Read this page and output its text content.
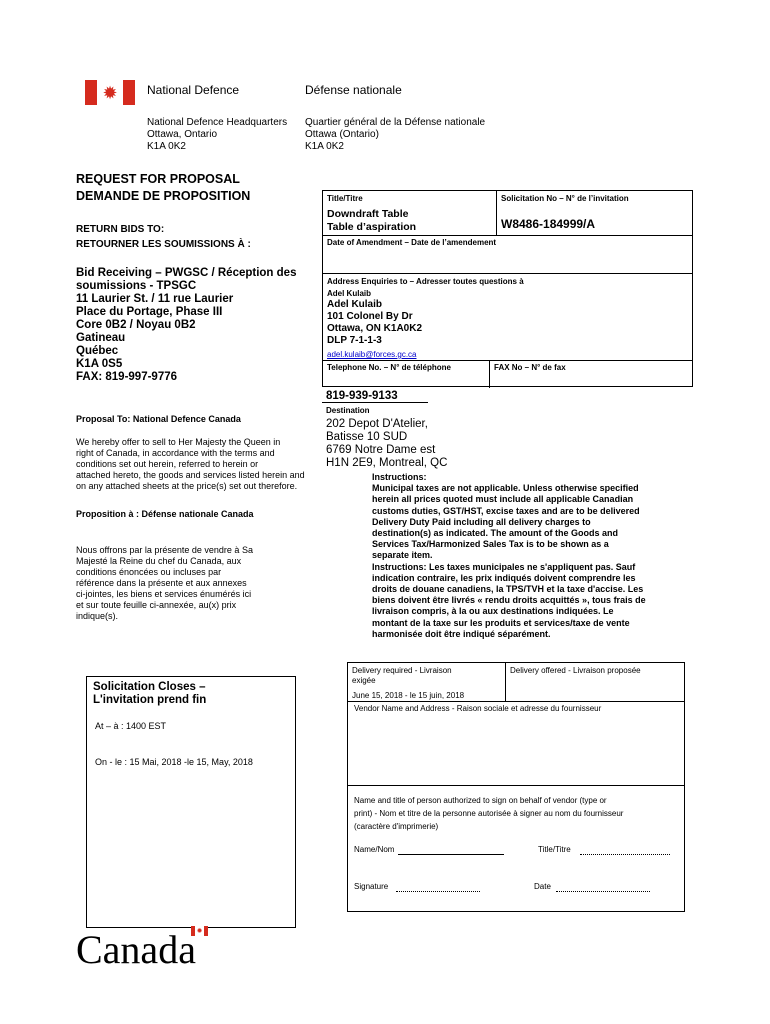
✹ National Defence	Défense nationale
National Defence Headquarters
Ottawa, Ontario
K1A 0K2
Quartier général de la Défense nationale
Ottawa (Ontario)
K1A 0K2
REQUEST FOR PROPOSAL
DEMANDE DE PROPOSITION
RETURN BIDS TO:
RETOURNER LES SOUMISSIONS À :
Bid Receiving – PWGSC / Réception des
soumissions - TPSGC
11 Laurier St. / 11 rue Laurier
Place du Portage, Phase III
Core 0B2 / Noyau 0B2
Gatineau
Québec
K1A 0S5
FAX: 819-997-9776
Proposal To: National Defence Canada
We hereby offer to sell to Her Majesty the Queen in
right of Canada, in accordance with the terms and
conditions set out herein, referred to herein or
attached hereto, the goods and services listed herein and
on any attached sheets at the price(s) set out therefore.
Proposition à : Défense nationale Canada
Nous offrons par la présente de vendre à Sa
Majesté la Reine du chef du Canada, aux
conditions énoncées ou incluses par
référence dans la présente et aux annexes
ci-jointes, les biens et services énumérés ici
et sur toute feuille ci-annexée, au(x) prix
indique(s).
Solicitation Closes –
L'invitation prend fin
At – à : 1400 EST
On - le : 15 Mai, 2018 -le 15, May, 2018
Title/Titre
Downdraft Table
Table d’aspiration
Solicitation No – N° de l’invitation
W8486-184999/A
Date of Amendment – Date de l’amendement
Address Enquiries to – Adresser toutes questions à
Adel Kulaib
Adel Kulaib
101 Colonel By Dr
Ottawa, ON K1A0K2
DLP 7-1-1-3
adel.kulaib@forces.gc.ca
Telephone No. – N° de téléphone	FAX No – N° de fax
819-939-9133
Destination
202 Depot D'Atelier,
Batisse 10 SUD
6769 Notre Dame est
H1N 2E9, Montreal, QC
Instructions:
Municipal taxes are not applicable. Unless otherwise specified
herein all prices quoted must include all applicable Canadian
customs duties, GST/HST, excise taxes and are to be delivered
Delivery Duty Paid including all delivery charges to
destination(s) as indicated. The amount of the Goods and
Services Tax/Harmonized Sales Tax is to be shown as a
separate item.
Instructions: Les taxes municipales ne s'appliquent pas. Sauf
indication contraire, les prix indiqués doivent comprendre les
droits de douane canadiens, la TPS/TVH et la taxe d'accise. Les
biens doivent être livrés « rendu droits acquittés », tous frais de
livraison compris, à la ou aux destinations indiquées. Le
montant de la taxe sur les produits et services/taxe de vente
harmonisée doit être indiqué séparément.
Delivery required - Livraison
exigée
June 15, 2018 - le 15 juin, 2018
Delivery offered - Livraison proposée
Vendor Name and Address - Raison sociale et adresse du fournisseur
Name and title of person authorized to sign on behalf of vendor (type or
print) - Nom et titre de la personne autorisée à signer au nom du fournisseur
(caractère d'imprimerie)
Name/Nom	Title/Titre
Signature	Date
✹
Canada
